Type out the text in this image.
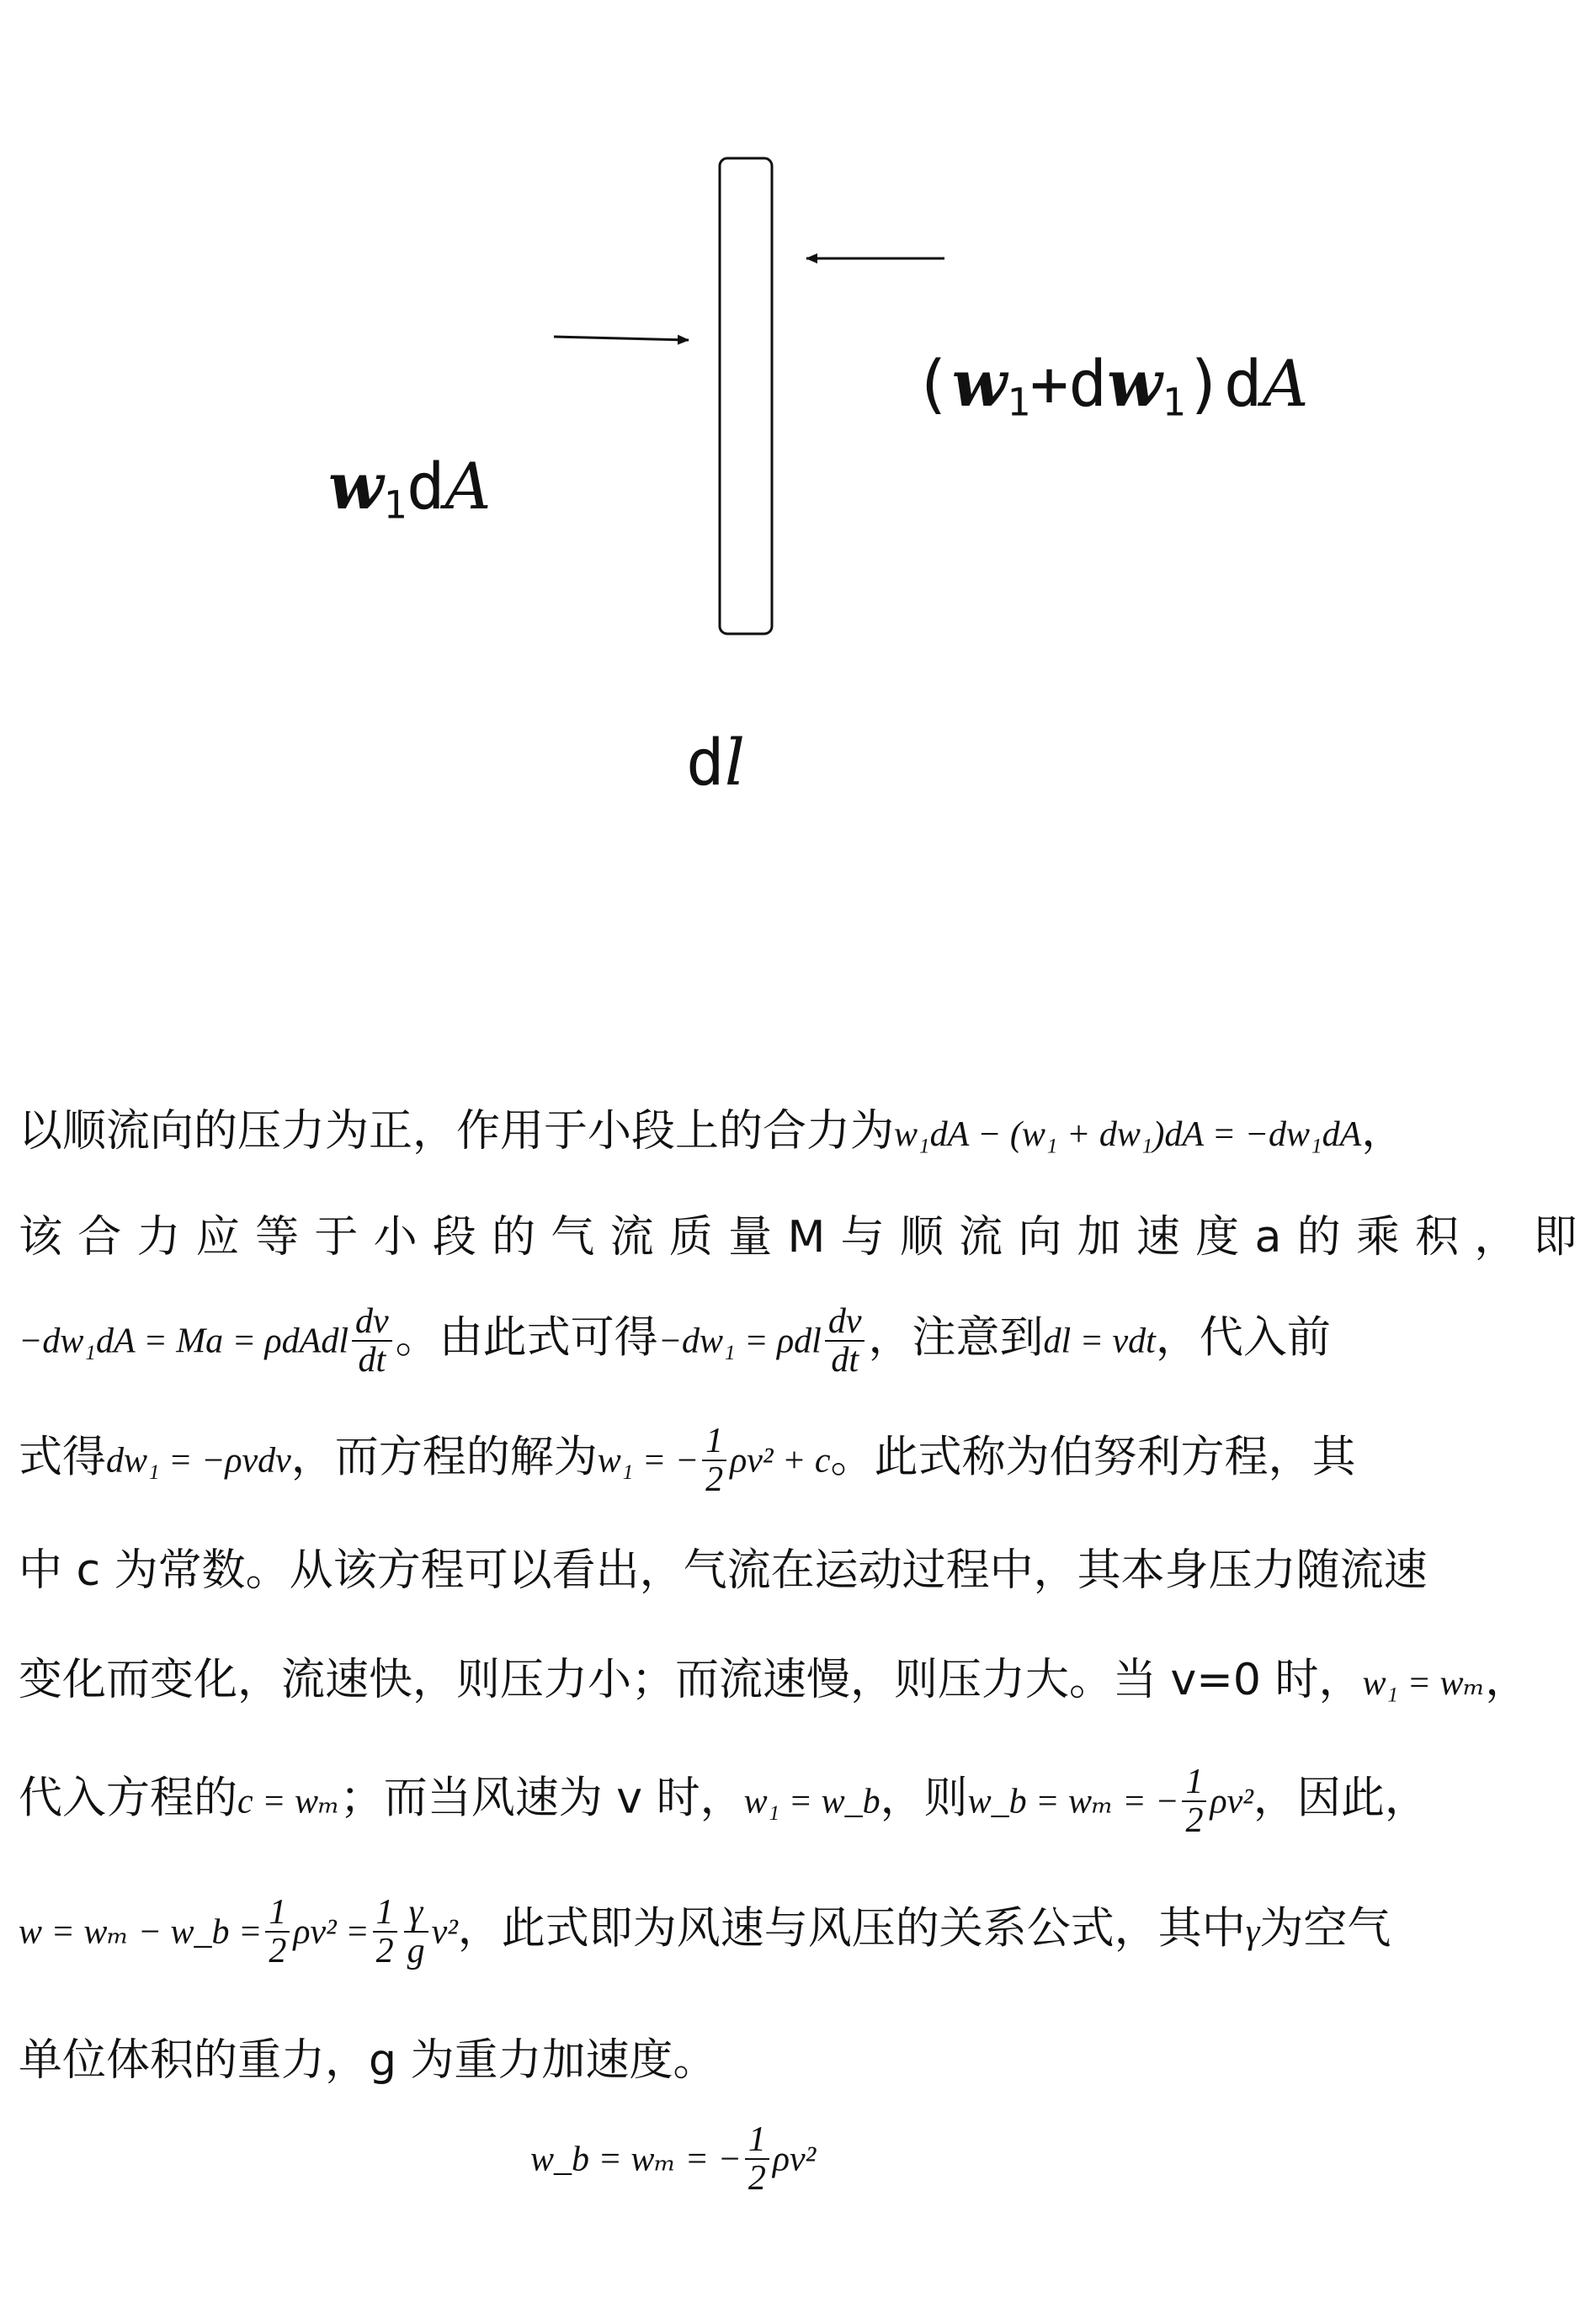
$w_1dA$
$(w_1+dw_1)dA$
dl
以顺流向的压力为正，作用于小段上的合力为w₁dA − (w₁ + dw₁)dA = −dw₁dA，
该 合 力 应 等 于 小 段 的 气 流 质 量 M 与 顺 流 向 加 速 度 a 的 乘 积 ， 即
−dw₁dA = Ma = ρdAdl $\frac{dv}{dt}$ 。由此式可得−dw₁ = ρdl $\frac{dv}{dt}$ ，注意到dl = vdt，代入前
式得dw₁ = −ρvdv，而方程的解为w₁ = − $\frac{1}{2} \rho v^2 + c$。此式称为伯努利方程，其
中 c 为常数。从该方程可以看出，气流在运动过程中，其本身压力随流速
变化而变化，流速快，则压力小；而流速慢，则压力大。当 v=0 时，w₁ = wₘ，
代入方程的c = wₘ；而当风速为 v 时，w₁ = w_b，则w_b = wₘ = − $\frac{1}{2} \rho v^2$，因此，
w = wₘ − w_b = $\frac{1}{2} \rho v^2 = \frac{1}{2} \frac{\gamma}{g} v^2$，此式即为风速与风压的关系公式，其中γ为空气
单位体积的重力，g 为重力加速度。
w_b = wₘ = − $\frac{1}{2} \rho v^2$
